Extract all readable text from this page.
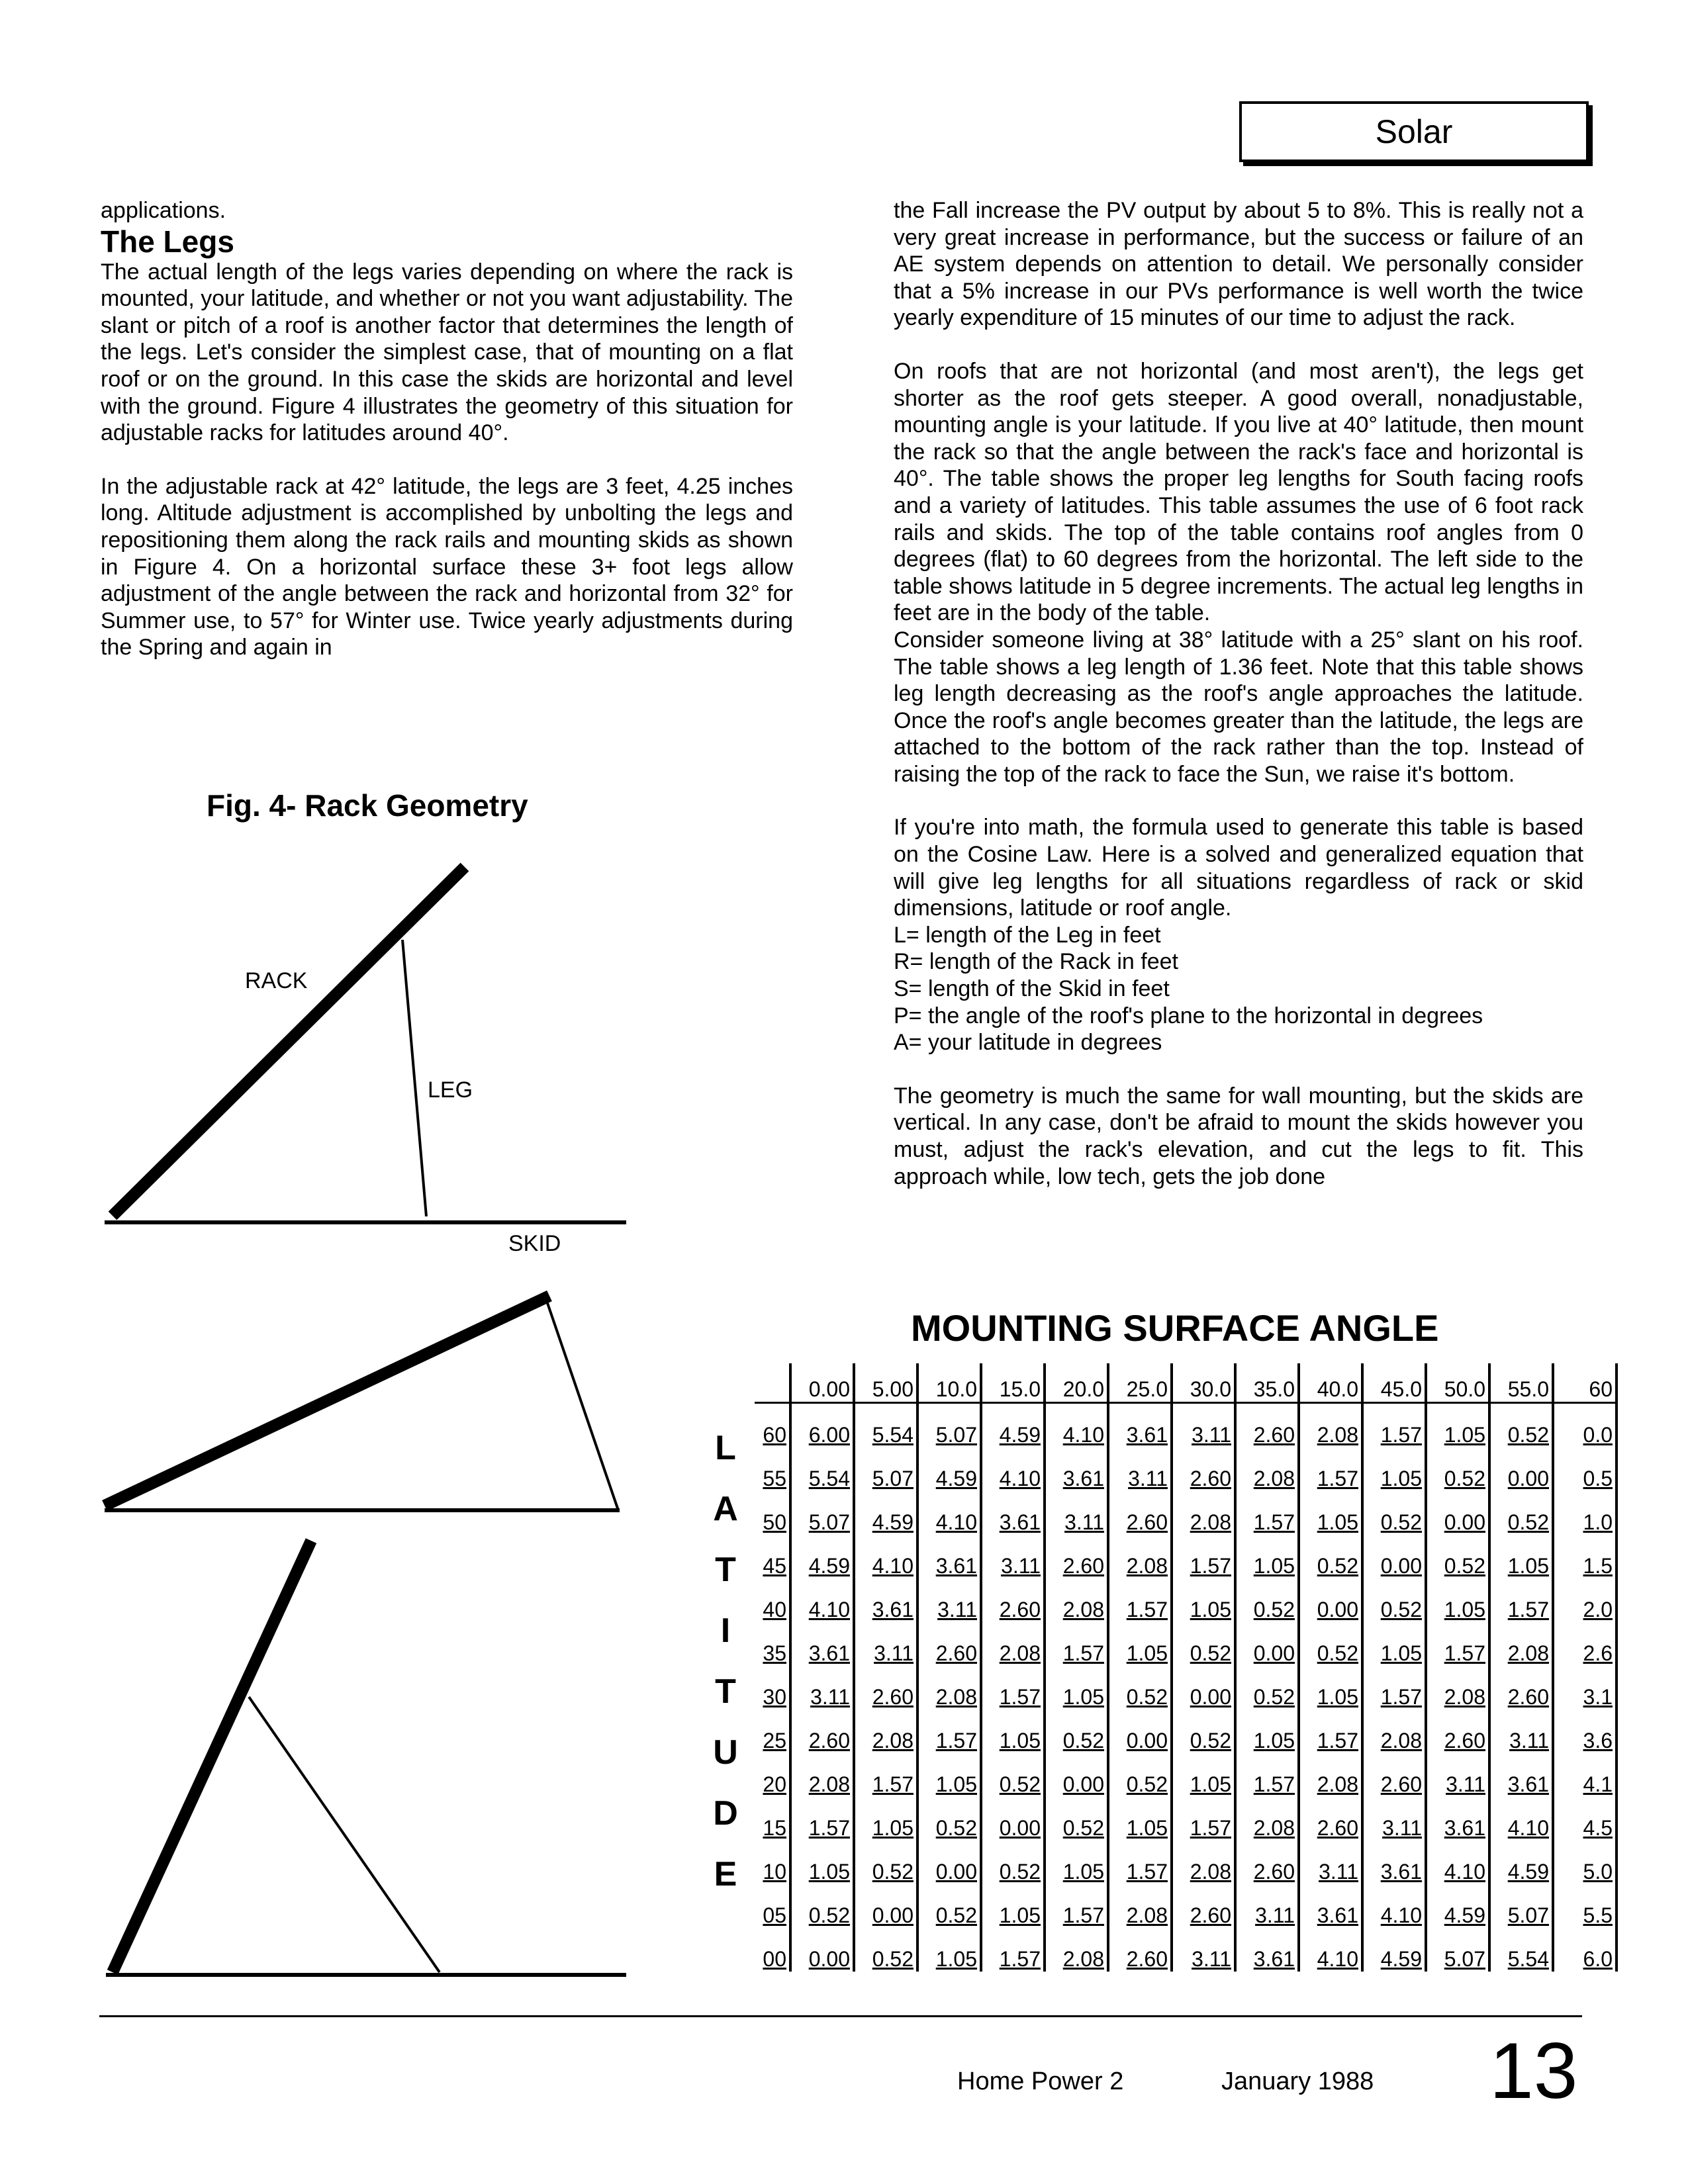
Solar

applications.

The Legs

The actual length of the legs varies depending on where the rack is mounted, your latitude, and whether or not you want adjustability. The slant or pitch of a roof is another factor that determines the length of the legs. Let's consider the simplest case, that of mounting on a flat roof or on the ground. In this case the skids are horizontal and level with the ground. Figure 4 illustrates the geometry of this situation for adjustable racks for latitudes around 40°.

In the adjustable rack at 42° latitude, the legs are 3 feet, 4.25 inches long. Altitude adjustment is accomplished by unbolting the legs and repositioning them along the rack rails and mounting skids as shown in Figure 4. On a horizontal surface these 3+ foot legs allow adjustment of the angle between the rack and horizontal from 32° for Summer use, to 57° for Winter use. Twice yearly adjustments during the Spring and again in

the Fall increase the PV output by about 5 to 8%. This is really not a very great increase in performance, but the success or failure of an AE system depends on attention to detail. We personally consider that a 5% increase in our PVs performance is well worth the twice yearly expenditure of 15 minutes of our time to adjust the rack.

On roofs that are not horizontal (and most aren't), the legs get shorter as the roof gets steeper. A good overall, nonadjustable, mounting angle is your latitude. If you live at 40° latitude, then mount the rack so that the angle between the rack's face and horizontal is 40°. The table shows the proper leg lengths for South facing roofs and a variety of latitudes. This table assumes the use of 6 foot rack rails and skids. The top of the table contains roof angles from 0 degrees (flat) to 60 degrees from the horizontal. The left side to the table shows latitude in 5 degree increments. The actual leg lengths in feet are in the body of the table.

Consider someone living at 38° latitude with a 25° slant on his roof. The table shows a leg length of 1.36 feet. Note that this table shows leg length decreasing as the roof's angle approaches the latitude. Once the roof's angle becomes greater than the latitude, the legs are attached to the bottom of the rack rather than the top. Instead of raising the top of the rack to face the Sun, we raise it's bottom.

If you're into math, the formula used to generate this table is based on the Cosine Law. Here is a solved and generalized equation that will give leg lengths for all situations regardless of rack or skid dimensions, latitude or roof angle.

L= length of the Leg in feet

R= length of the Rack in feet

S= length of the Skid in feet

P= the angle of the roof's plane to the horizontal in degrees

A= your latitude in degrees

The geometry is much the same for wall mounting, but the skids are vertical. In any case, don't be afraid to mount the skids however you must, adjust the rack's elevation, and cut the legs to fit. This approach while, low tech, gets the job done

Fig. 4- Rack Geometry
RACK
LEG
SKID
MOUNTING SURFACE ANGLE
L
A
T
I
T
U
D
E
	0.00	5.00	10.0	15.0	20.0	25.0	30.0	35.0	40.0	45.0	50.0	55.0	60
60	6.00	5.54	5.07	4.59	4.10	3.61	3.11	2.60	2.08	1.57	1.05	0.52	0.0
55	5.54	5.07	4.59	4.10	3.61	3.11	2.60	2.08	1.57	1.05	0.52	0.00	0.5
50	5.07	4.59	4.10	3.61	3.11	2.60	2.08	1.57	1.05	0.52	0.00	0.52	1.0
45	4.59	4.10	3.61	3.11	2.60	2.08	1.57	1.05	0.52	0.00	0.52	1.05	1.5
40	4.10	3.61	3.11	2.60	2.08	1.57	1.05	0.52	0.00	0.52	1.05	1.57	2.0
35	3.61	3.11	2.60	2.08	1.57	1.05	0.52	0.00	0.52	1.05	1.57	2.08	2.6
30	3.11	2.60	2.08	1.57	1.05	0.52	0.00	0.52	1.05	1.57	2.08	2.60	3.1
25	2.60	2.08	1.57	1.05	0.52	0.00	0.52	1.05	1.57	2.08	2.60	3.11	3.6
20	2.08	1.57	1.05	0.52	0.00	0.52	1.05	1.57	2.08	2.60	3.11	3.61	4.1
15	1.57	1.05	0.52	0.00	0.52	1.05	1.57	2.08	2.60	3.11	3.61	4.10	4.5
10	1.05	0.52	0.00	0.52	1.05	1.57	2.08	2.60	3.11	3.61	4.10	4.59	5.0
05	0.52	0.00	0.52	1.05	1.57	2.08	2.60	3.11	3.61	4.10	4.59	5.07	5.5
00	0.00	0.52	1.05	1.57	2.08	2.60	3.11	3.61	4.10	4.59	5.07	5.54	6.0
Home Power 2	January 1988 13
